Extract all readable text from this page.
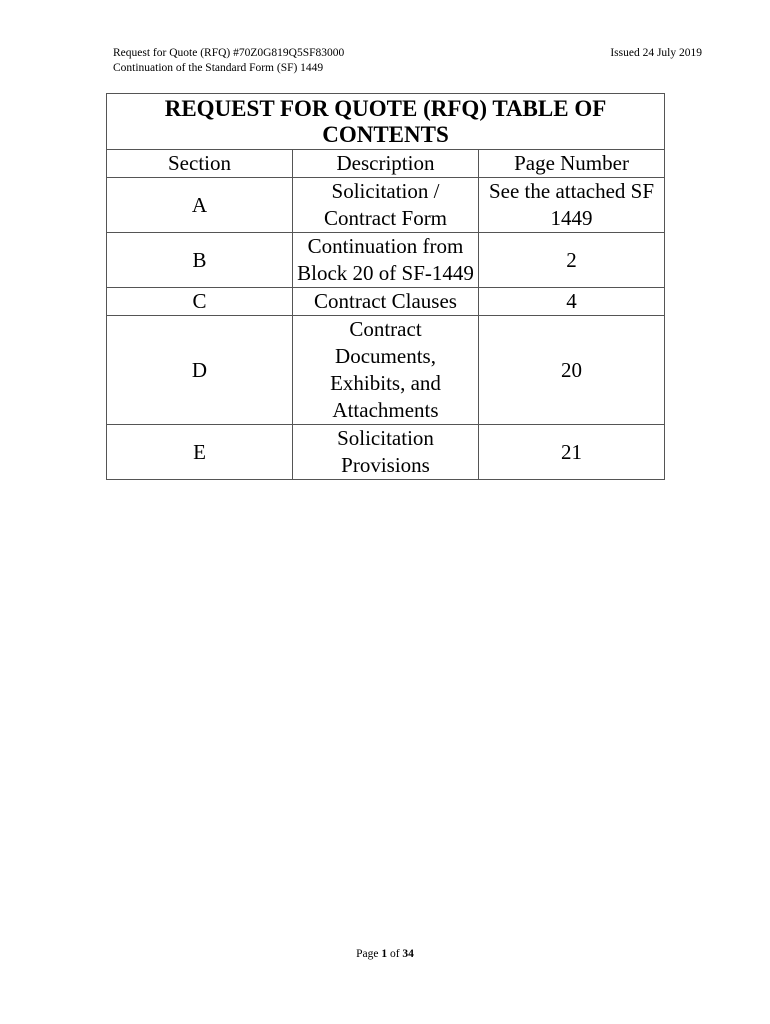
Request for Quote (RFQ) #70Z0G819Q5SF83000
Continuation of the Standard Form (SF) 1449
Issued 24 July 2019
REQUEST FOR QUOTE (RFQ) TABLE OF CONTENTS		
Section	Description	Page Number
A	Solicitation / Contract Form	See the attached SF 1449
B	Continuation from Block 20 of SF-1449	2
C	Contract Clauses	4
D	Contract Documents, Exhibits, and Attachments	20
E	Solicitation Provisions	21
Page 1 of 34
